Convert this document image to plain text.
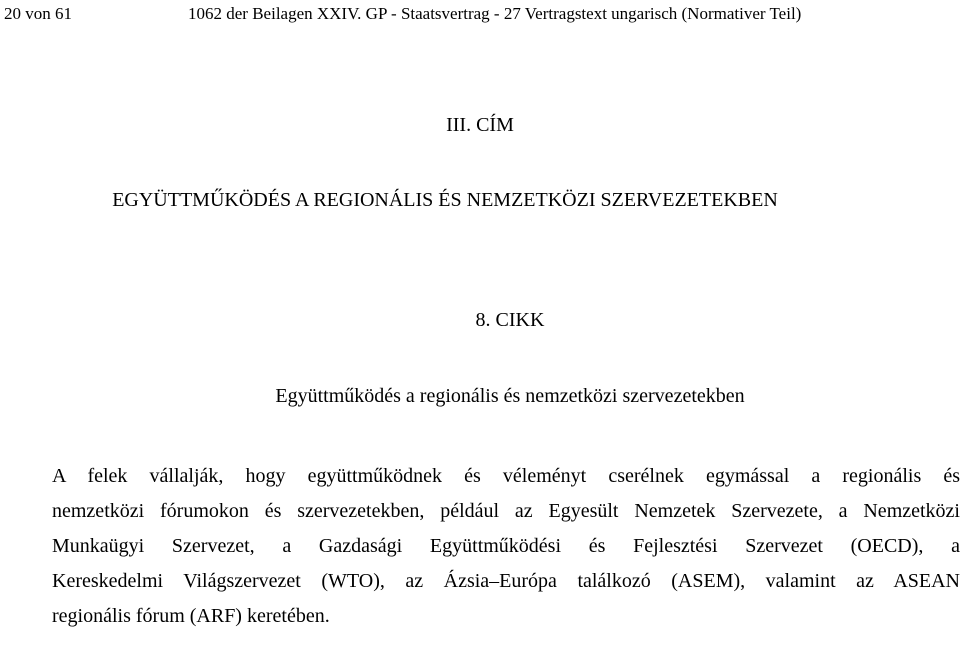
20 von 61	1062 der Beilagen XXIV. GP - Staatsvertrag - 27 Vertragstext ungarisch (Normativer Teil)
III. CÍM
EGYÜTTMŰKÖDÉS A REGIONÁLIS ÉS NEMZETKÖZI SZERVEZETEKBEN
8. CIKK
Együttműködés a regionális és nemzetközi szervezetekben
A felek vállalják, hogy együttműködnek és véleményt cserélnek egymással a regionális és
nemzetközi fórumokon és szervezetekben, például az Egyesült Nemzetek Szervezete, a Nemzetközi
Munkaügyi Szervezet, a Gazdasági Együttműködési és Fejlesztési Szervezet (OECD), a
Kereskedelmi Világszervezet (WTO), az Ázsia–Európa találkozó (ASEM), valamint az ASEAN
regionális fórum (ARF) keretében.
